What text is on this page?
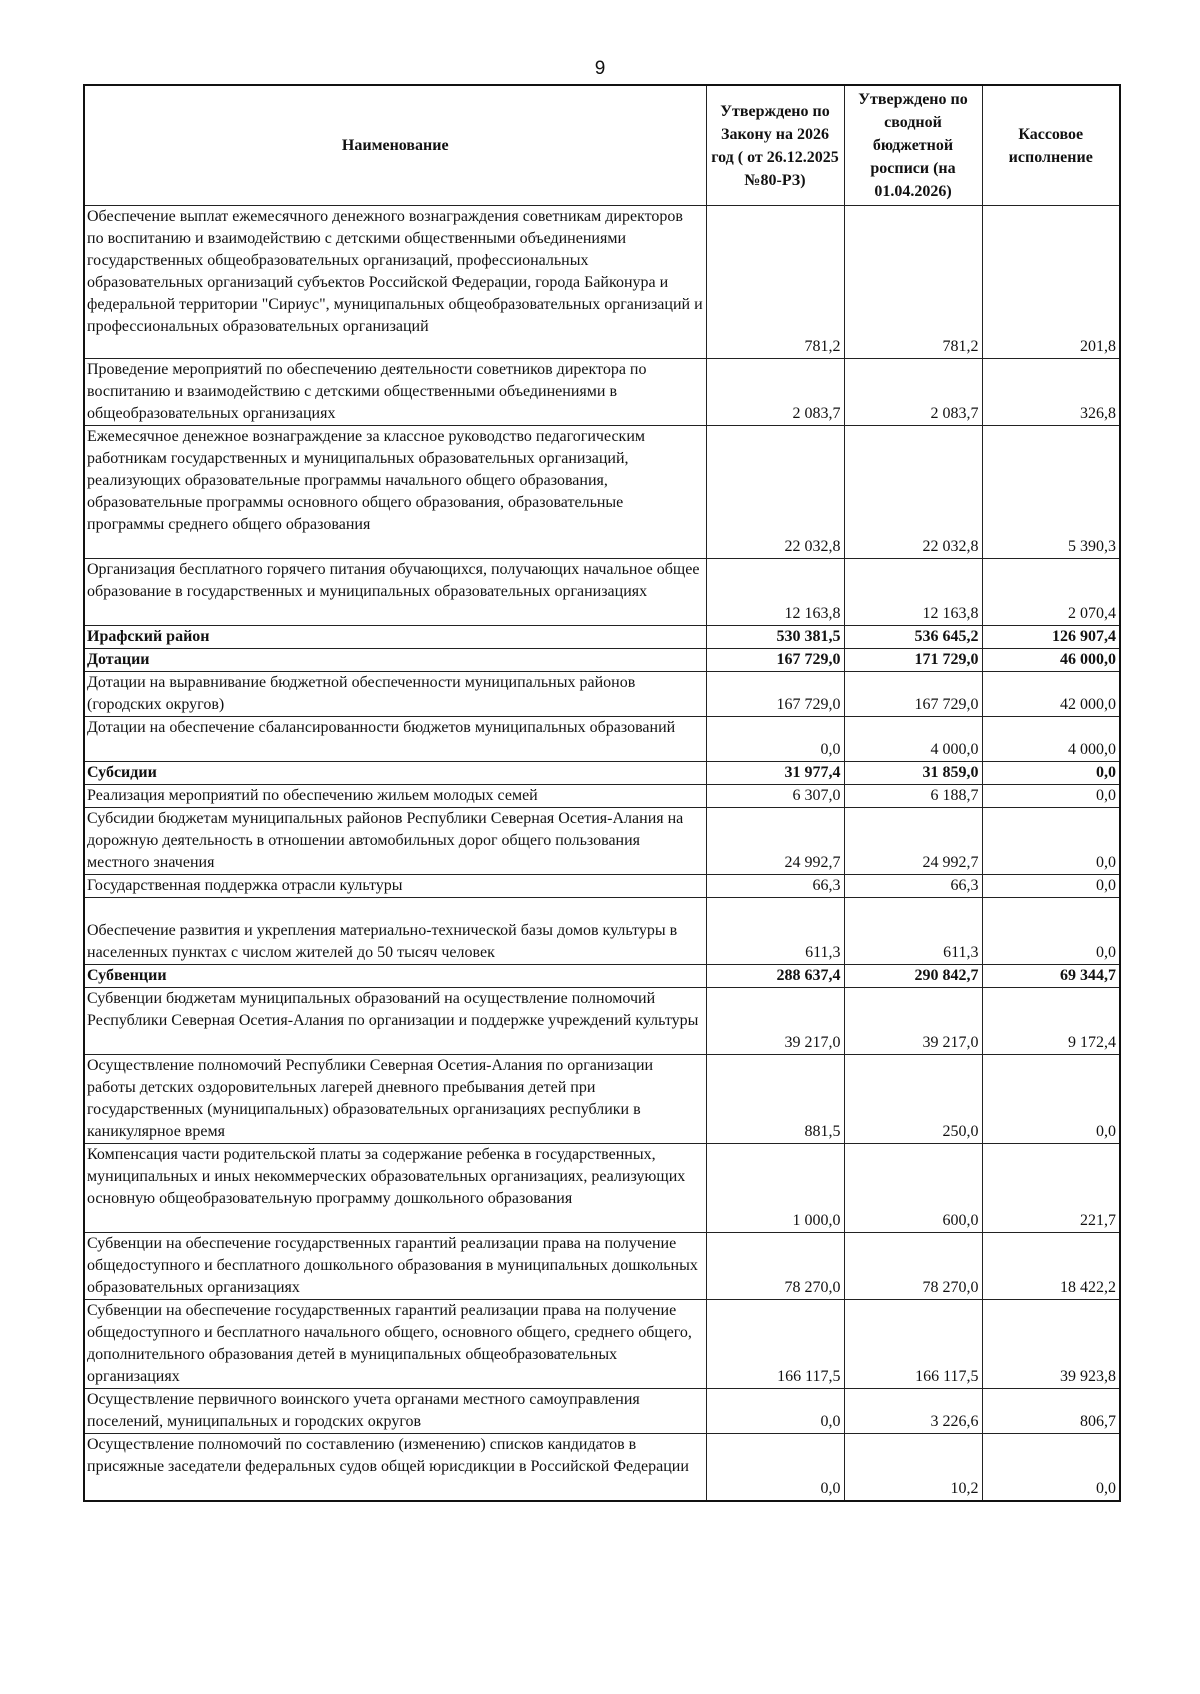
9
Наименование	Утверждено по Закону на 2026 год ( от 26.12.2025 №80-РЗ)	Утверждено по сводной бюджетной росписи (на 01.04.2026)	Кассовое исполнение
Обеспечение выплат ежемесячного денежного вознаграждения советникам директоров по воспитанию и взаимодействию с детскими общественными объединениями государственных общеобразовательных организаций, профессиональных образовательных организаций субъектов Российской Федерации, города Байконура и федеральной территории "Сириус", муниципальных общеобразовательных организаций и профессиональных образовательных организаций	781,2	781,2	201,8
Проведение мероприятий по обеспечению деятельности советников директора по воспитанию и взаимодействию с детскими общественными объединениями в общеобразовательных организациях	2 083,7	2 083,7	326,8
Ежемесячное денежное вознаграждение за классное руководство педагогическим работникам государственных и муниципальных образовательных организаций, реализующих образовательные программы начального общего образования, образовательные программы основного общего образования, образовательные программы среднего общего образования	22 032,8	22 032,8	5 390,3
Организация бесплатного горячего питания обучающихся, получающих начальное общее образование в государственных и муниципальных образовательных организациях	12 163,8	12 163,8	2 070,4
Ирафский район	530 381,5	536 645,2	126 907,4
Дотации	167 729,0	171 729,0	46 000,0
Дотации на выравнивание бюджетной обеспеченности муниципальных районов (городских округов)	167 729,0	167 729,0	42 000,0
Дотации на обеспечение сбалансированности бюджетов муниципальных образований	0,0	4 000,0	4 000,0
Субсидии	31 977,4	31 859,0	0,0
Реализация мероприятий по обеспечению жильем молодых семей	6 307,0	6 188,7	0,0
Субсидии бюджетам муниципальных районов Республики Северная Осетия-Алания на дорожную деятельность в отношении автомобильных дорог общего пользования местного значения	24 992,7	24 992,7	0,0
Государственная поддержка отрасли культуры	66,3	66,3	0,0
Обеспечение развития и укрепления материально-технической базы домов культуры в населенных пунктах с числом жителей до 50 тысяч человек	611,3	611,3	0,0
Субвенции	288 637,4	290 842,7	69 344,7
Субвенции бюджетам муниципальных образований на осуществление полномочий Республики Северная Осетия-Алания по организации и поддержке учреждений культуры	39 217,0	39 217,0	9 172,4
Осуществление полномочий Республики Северная Осетия-Алания по организации работы детских оздоровительных лагерей дневного пребывания детей при государственных (муниципальных) образовательных организациях республики в каникулярное время	881,5	250,0	0,0
Компенсация части родительской платы за содержание ребенка в государственных, муниципальных и иных некоммерческих образовательных организациях, реализующих основную общеобразовательную программу дошкольного образования	1 000,0	600,0	221,7
Субвенции на обеспечение государственных гарантий реализации права на получение общедоступного и бесплатного дошкольного образования в муниципальных дошкольных образовательных организациях	78 270,0	78 270,0	18 422,2
Субвенции на обеспечение государственных гарантий реализации права на получение общедоступного и бесплатного начального общего, основного общего, среднего общего, дополнительного образования детей в муниципальных общеобразовательных организациях	166 117,5	166 117,5	39 923,8
Осуществление первичного воинского учета органами местного самоуправления поселений, муниципальных и городских округов	0,0	3 226,6	806,7
Осуществление полномочий по составлению (изменению) списков кандидатов в присяжные заседатели федеральных судов общей юрисдикции в Российской Федерации	0,0	10,2	0,0
